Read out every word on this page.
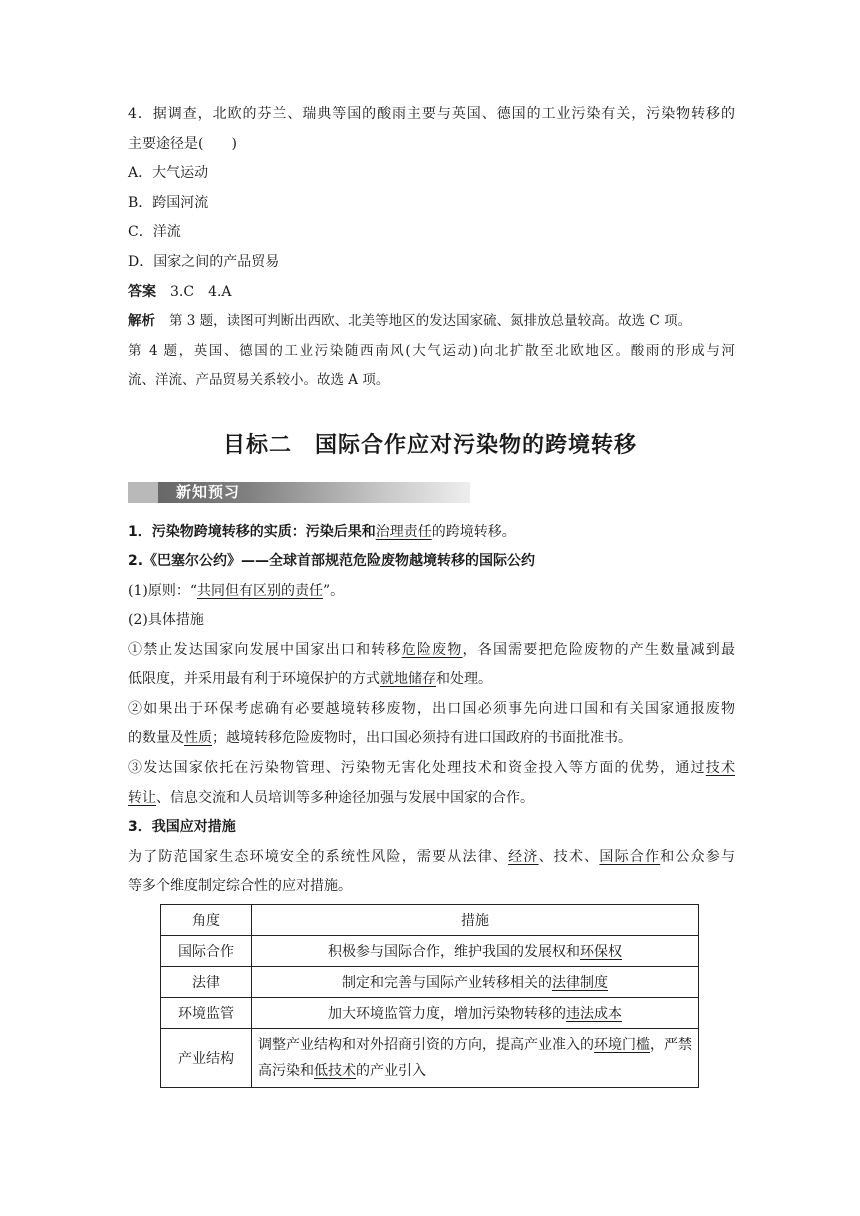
4．据调查，北欧的芬兰、瑞典等国的酸雨主要与英国、德国的工业污染有关，污染物转移的
主要途径是(　　)
A．大气运动
B．跨国河流
C．洋流
D．国家之间的产品贸易
答案 3.C　4.A
解析 第 3 题，读图可判断出西欧、北美等地区的发达国家硫、氮排放总量较高。故选 C 项。
第 4 题，英国、德国的工业污染随西南风(大气运动)向北扩散至北欧地区。酸雨的形成与河
流、洋流、产品贸易关系较小。故选 A 项。
目标二　国际合作应对污染物的跨境转移
新知预习
1．污染物跨境转移的实质：污染后果和治理责任的跨境转移。
2.《巴塞尔公约》——全球首部规范危险废物越境转移的国际公约
(1)原则：“共同但有区别的责任”。
(2)具体措施
①禁止发达国家向发展中国家出口和转移危险废物，各国需要把危险废物的产生数量减到最
低限度，并采用最有利于环境保护的方式就地储存和处理。
②如果出于环保考虑确有必要越境转移废物，出口国必须事先向进口国和有关国家通报废物
的数量及性质；越境转移危险废物时，出口国必须持有进口国政府的书面批准书。
③发达国家依托在污染物管理、污染物无害化处理技术和资金投入等方面的优势，通过技术
转让、信息交流和人员培训等多种途径加强与发展中国家的合作。
3．我国应对措施
为了防范国家生态环境安全的系统性风险，需要从法律、经济、技术、国际合作和公众参与
等多个维度制定综合性的应对措施。
角度	措施
国际合作	积极参与国际合作，维护我国的发展权和环保权
法律	制定和完善与国际产业转移相关的法律制度
环境监管	加大环境监管力度，增加污染物转移的违法成本
产业结构	调整产业结构和对外招商引资的方向，提高产业准入的环境门槛，严禁高污染和低技术的产业引入
